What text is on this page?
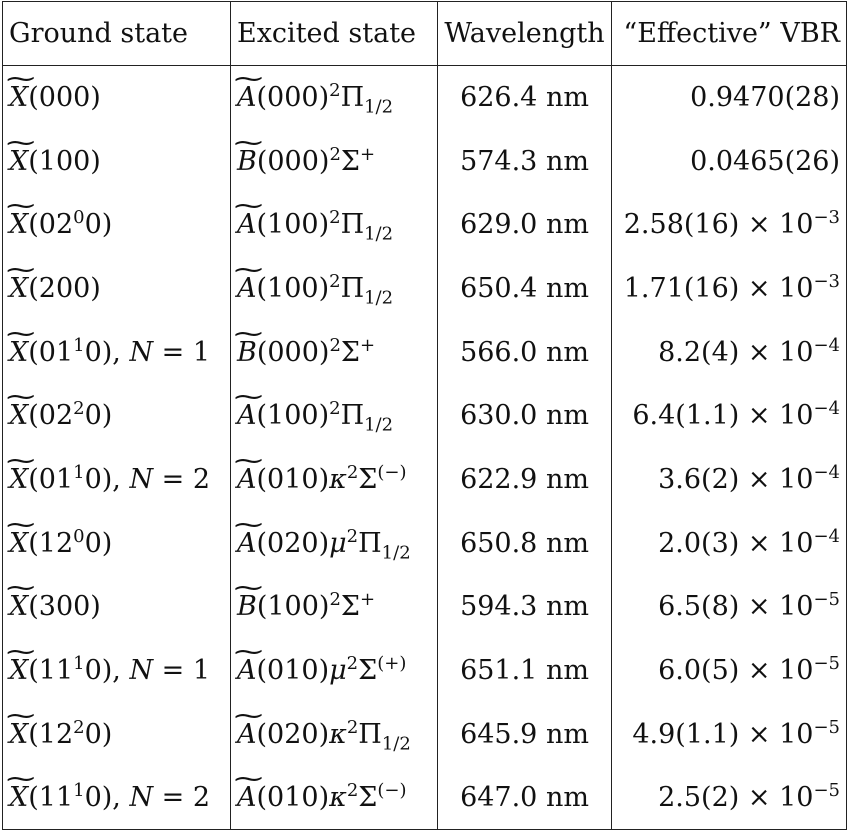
Ground state	Excited state	Wavelength	“Effective” VBR
~ X(000)	~ $A(000)^2\Pi_{1/2}$	626.4 nm	0.9470(28)
~ X(100)	~ $B(000)^2\Sigma^+$	574.3 nm	0.0465(26)
~ $X(02^00)$	~ $A(100)^2\Pi_{1/2}$	629.0 nm	$2.58(16) \times 10^{-3}$
~ X(200)	~ $A(100)^2\Pi_{1/2}$	650.4 nm	$1.71(16) \times 10^{-3}$
~ $X(01^10)$, N = 1	~ $B(000)^2\Sigma^+$	566.0 nm	$8.2(4) \times 10^{-4}$
~ $X(02^20)$	~ $A(100)^2\Pi_{1/2}$	630.0 nm	$6.4(1.1) \times 10^{-4}$
~ $X(01^10)$, N = 2	~ $A(010)\kappa^2\Sigma^{(-)}$	622.9 nm	$3.6(2) \times 10^{-4}$
~ $X(12^00)$	~ $A(020)\mu^2\Pi_{1/2}$	650.8 nm	$2.0(3) \times 10^{-4}$
~ X(300)	~ $B(100)^2\Sigma^+$	594.3 nm	$6.5(8) \times 10^{-5}$
~ $X(11^10)$, N = 1	~ $A(010)\mu^2\Sigma^{(+)}$	651.1 nm	$6.0(5) \times 10^{-5}$
~ $X(12^20)$	~ $A(020)\kappa^2\Pi_{1/2}$	645.9 nm	$4.9(1.1) \times 10^{-5}$
~ $X(11^10)$, N = 2	~ $A(010)\kappa^2\Sigma^{(-)}$	647.0 nm	$2.5(2) \times 10^{-5}$
